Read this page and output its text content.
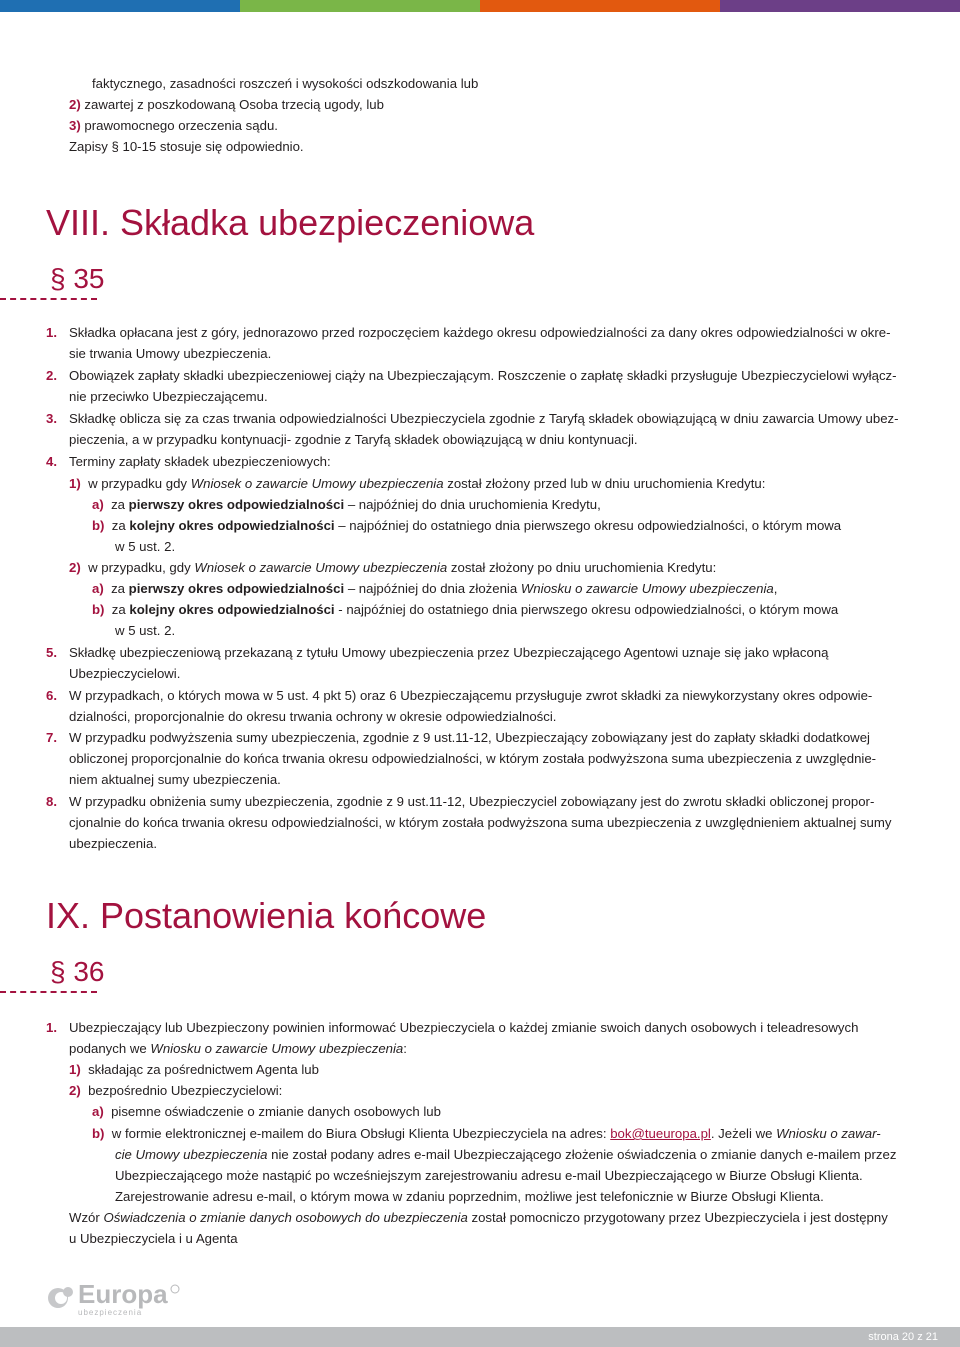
faktycznego, zasadności roszczeń i wysokości odszkodowania lub
2) zawartej z poszkodowaną Osoba trzecią ugody, lub
3) prawomocnego orzeczenia sądu.
Zapisy § 10-15 stosuje się odpowiednio.
VIII. Składka ubezpieczeniowa
§ 35
1. Składka opłacana jest z góry, jednorazowo przed rozpoczęciem każdego okresu odpowiedzialności za dany okres odpowiedzialności w okre-
sie trwania Umowy ubezpieczenia.
2. Obowiązek zapłaty składki ubezpieczeniowej ciąży na Ubezpieczającym. Roszczenie o zapłatę składki przysługuje Ubezpieczycielowi wyłącz-
nie przeciwko Ubezpieczającemu.
3. Składkę oblicza się za czas trwania odpowiedzialności Ubezpieczyciela zgodnie z Taryfą składek obowiązującą w dniu zawarcia Umowy ubez-
pieczenia, a w przypadku kontynuacji- zgodnie z Taryfą składek obowiązującą w dniu kontynuacji.
4. Terminy zapłaty składek ubezpieczeniowych:
1) w przypadku gdy Wniosek o zawarcie Umowy ubezpieczenia został złożony przed lub w dniu uruchomienia Kredytu:
a) za pierwszy okres odpowiedzialności – najpóźniej do dnia uruchomienia Kredytu,
b) za kolejny okres odpowiedzialności – najpóźniej do ostatniego dnia pierwszego okresu odpowiedzialności, o którym mowa
w 5 ust. 2.
2) w przypadku, gdy Wniosek o zawarcie Umowy ubezpieczenia został złożony po dniu uruchomienia Kredytu:
a) za pierwszy okres odpowiedzialności – najpóźniej do dnia złożenia Wniosku o zawarcie Umowy ubezpieczenia,
b) za kolejny okres odpowiedzialności - najpóźniej do ostatniego dnia pierwszego okresu odpowiedzialności, o którym mowa
w 5 ust. 2.
5. Składkę ubezpieczeniową przekazaną z tytułu Umowy ubezpieczenia przez Ubezpieczającego Agentowi uznaje się jako wpłaconą
Ubezpieczycielowi.
6. W przypadkach, o których mowa w 5 ust. 4 pkt 5) oraz 6 Ubezpieczającemu przysługuje zwrot składki za niewykorzystany okres odpowie-
dzialności, proporcjonalnie do okresu trwania ochrony w okresie odpowiedzialności.
7. W przypadku podwyższenia sumy ubezpieczenia, zgodnie z 9 ust.11-12, Ubezpieczający zobowiązany jest do zapłaty składki dodatkowej
obliczonej proporcjonalnie do końca trwania okresu odpowiedzialności, w którym została podwyższona suma ubezpieczenia z uwzględnie-
niem aktualnej sumy ubezpieczenia.
8. W przypadku obniżenia sumy ubezpieczenia, zgodnie z 9 ust.11-12, Ubezpieczyciel zobowiązany jest do zwrotu składki obliczonej propor-
cjonalnie do końca trwania okresu odpowiedzialności, w którym została podwyższona suma ubezpieczenia z uwzględnieniem aktualnej sumy
ubezpieczenia.
IX. Postanowienia końcowe
§ 36
1. Ubezpieczający lub Ubezpieczony powinien informować Ubezpieczyciela o każdej zmianie swoich danych osobowych i teleadresowych
podanych we Wniosku o zawarcie Umowy ubezpieczenia:
1) składając za pośrednictwem Agenta lub
2) bezpośrednio Ubezpieczycielowi:
a) pisemne oświadczenie o zmianie danych osobowych lub
b) w formie elektronicznej e-mailem do Biura Obsługi Klienta Ubezpieczyciela na adres: bok@tueuropa.pl. Jeżeli we Wniosku o zawar-
cie Umowy ubezpieczenia nie został podany adres e-mail Ubezpieczającego złożenie oświadczenia o zmianie danych e-mailem przez
Ubezpieczającego może nastąpić po wcześniejszym zarejestrowaniu adresu e-mail Ubezpieczającego w Biurze Obsługi Klienta.
Zarejestrowanie adresu e-mail, o którym mowa w zdaniu poprzednim, możliwe jest telefonicznie w Biurze Obsługi Klienta.
Wzór Oświadczenia o zmianie danych osobowych do ubezpieczenia został pomocniczo przygotowany przez Ubezpieczyciela i jest dostępny
u Ubezpieczyciela i u Agenta
Europa
ubezpieczenia
strona 20 z 21
